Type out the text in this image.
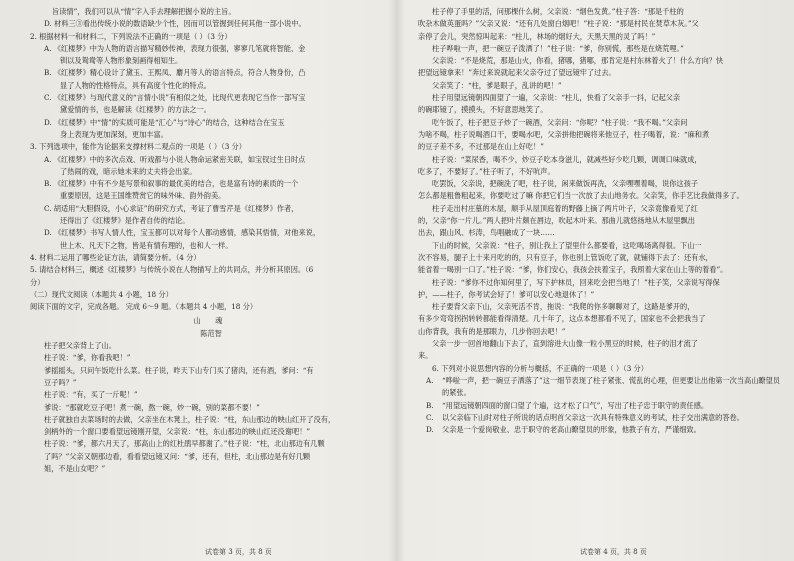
旨读情”，我们可以从“情”字入手去理解把握小说的主旨。
D. 材料三③看出传统小说的数语缺少个性，因而可以管握到任何其他一部小说中。
2. 根据材料一和材料二，下列说法不正确的一项是（ ）（3 分）
A. 《红楼梦》中为人物的语言描写精妙传神，表现力很强，寥寥几笔就将智能、金
钏以及鸳鸯等人物形象刻画得相知生。
B. 《红楼梦》精心设计了黛玉、王熙凤、麝月等人的语言特点，符合人物身份，凸
显了人物的性格特点，具有高度个性化的特点。
C. 《红楼梦》与现代意义的“言情小说”有相似之处，比现代更表现它当作一部写宝
黛爱情的书，也是解读《红楼梦》的方法之一。
D. 《红楼梦》中“情”的实质可能是“汇心”与“诗心”的结合，这种结合在宝玉
身上表现为更加深刻，更加丰富。
3. 下列选项中，能作为论据来支撑材料二观点的一项是（ ）（3 分）
A. 《红楼梦》中的多次点戏、听戏都与小说人物命运紧密关联，如宝钗过生日时点
了热闹的戏，暗示她未来的丈夫将会出家。
B. 《红楼梦》中有不少是写景和叙事的最优美的结合，也是富有诗的素质的一个
重要原因，这是王国维赞赏它的味外味、韵外韵美。
C. 胡适用“大胆假设，小心求证”的研究方式，考证了曹雪芹是《红楼梦》作者，
还得出了《红楼梦》是作者自传的结论。
D. 《红楼梦》书写人情人性，宝玉都可以对每个人都动感情，感染其悟情，对他来说，
世上木、凡天下之物，皆是有情有理的，也和人一样。
4. 材料二运用了哪些论证方法，请简要分析。（4 分）
5. 请结合材料三，概述《红楼梦》与传统小说在人物描写上的共同点，并分析其原因。（6
分）
（二）现代文阅读（本题共 4 小题，18 分）
阅读下面的文字，完成各题。 完成 6～9 题。（本题共 4 小题，18 分）
山 魂
陈范智
柱子把父亲背上了山。
柱子说：“爹，你看我吧！”
爹摇摇头，只问午饭吃什么菜。柱子说，昨天下山专门买了猪肉，还有酒，爹问：“有
豆子吗？”
柱子说：“有，买了一斤呢！”
爹说：“那就吃豆子吧！煮一碗，熬一碗，炒一碗，别的菜都不要！”
柱子就独自去菜场时的去做，父亲坐在木凳上，柱子说：“柱，东山那边的映山红开了没有，
剑柄外的一个窗口要看望远镜刚开望，父亲说：“柱，东山那边的映山红还没谢吧！”
柱子说：“爹，都六月天了，那高山上的红杜鹃早都谢了。”柱子说：“柱，北山那边有几颗
了吗？”父亲又朝那边看，看看望远镜又问：“爹，还有，但柱，北山那边是有好几颗
姐，不是山女吧？”
试卷第 3 页，共 8 页
柱子停了手里的活，问那棵什么树，父亲说：“烟色发黄。”柱子答：“那是千柱的
吹杂木做英蛋吗？”父亲又说：“还有几处窗白烟吧！”柱子说：“那是村民在焚草木灰。”父
亲停了会儿，突然惊叫起来：“柱儿，林场的烟好大，天黑天黑的灵了吗！”
柱子哗啦一声，把一碗豆子泼洒了！”柱子说：“爹，你别慌，那些是在烧荒哩。”
父亲说：“不是烧荒，那是山火，你看，猪哪，猪哪，那肯定是村东林着火了！什么方向？快
把望远镜拿来！”奔过来说就起来父亲夺过了望远镜牢了过去。
父亲笑了：“柱，爹是眼子，乱讲的吧！”
柱子用望远镜朝四面望了一遍，父亲说：“柱儿，快看了父亲手一抖，记起父亲
的碗耶镜了，摸摸头，不好意思地笑了。
吃午饭了，柱子把豆子炒了一碗酒，父亲问：“你呢？”柱子说：“我不喝。”父亲问
为啥不喝，柱子说喝酒口干，要喝水吧，父亲拼他把碗将来他豆子，柱子喝着，说：“麻和煮
的豆子差不多，不过那是在山上好吃！”
柱子说：“菜尿香，喝不少，炒豆子吃本身滋儿，就减些好少吃几颗，调调口味就成，
吃多了，不要好了。”柱子听了，不好吭声。
吃罢饭，父亲说，把碗洗了吧，柱子说，闲来做饭再洗，父亲嘿嘿着喝，说你这孩子
怎么都是粗鲁粗起来，你要吃过了嘛 你把它们当一次放了去山地务农。父亲笑，你手艺比我做得多了。
柱子走出村庄墓的木屋，顺手从屋顶庭着的野藤上摘了两片叶子，父亲竟像看见了红
的，父亲“你一片儿。”两人把叶片颇在唇边，吹起木叶来。那曲儿就悠扬地从木屋里飘出
出去，跟山风、杉涛，鸟唱融成了一块……
下山的时候，父亲说：“柱子，别让我上了望里什么都要看，这吃喝场离得很。下山一
次不容易，腿子上十来月吃的的，只有豆子，你也别上管饭吃了就，就铺得下去了：还有水，
能省着一喝别一口了。”柱子说：“爹，你们安心，我孩会扶着宝子，我照着大家在山上等的着看”。
柱子说：“爹你不过你知何里了，写下护林员，回来吃会把当地了！”柱子笑，父亲说写得保
护，——柱子，你考试会好了！爹可以安心地退休了！”
柱子要背父亲下山，父亲死活不肯，拖说：“我爬的你多聊聊对了，这路是爹开的，
有多少弯弯拐拐转转都能看得清楚。几十年了，这点本想都看不见了，国家也不会把我当了
山你背我，我有的是那眼力，几步你回去吧！”
父亲一步一回首地翻山下去了，直到溶进大山像一粒小黑豆的时候，柱子的泪才流了
来。
6. 下列对小说思想内容的分析与概括，不正确的一项是（ ）（3 分）
A.	“哗啦一声，把一碗豆子洒落了”这一细节表现了柱子紧张、慌乱的心理，但更要让出他第一次当高山瞭望员的紧张。
B.	“用望远镜朝四面的窗口望了个遍，这才松了口气”，写出了柱子忠于职守的责任感。
C.	以父亲临下山时对柱子所说的话点明首父亲这一次具有特殊意义的考试，柱子交出满意的答卷。
D.	父亲是一个爱岗敬业、忠于职守的老高山瞭望员的形象，他教子有方，严谨细致。
试卷第 4 页，共 8 页
